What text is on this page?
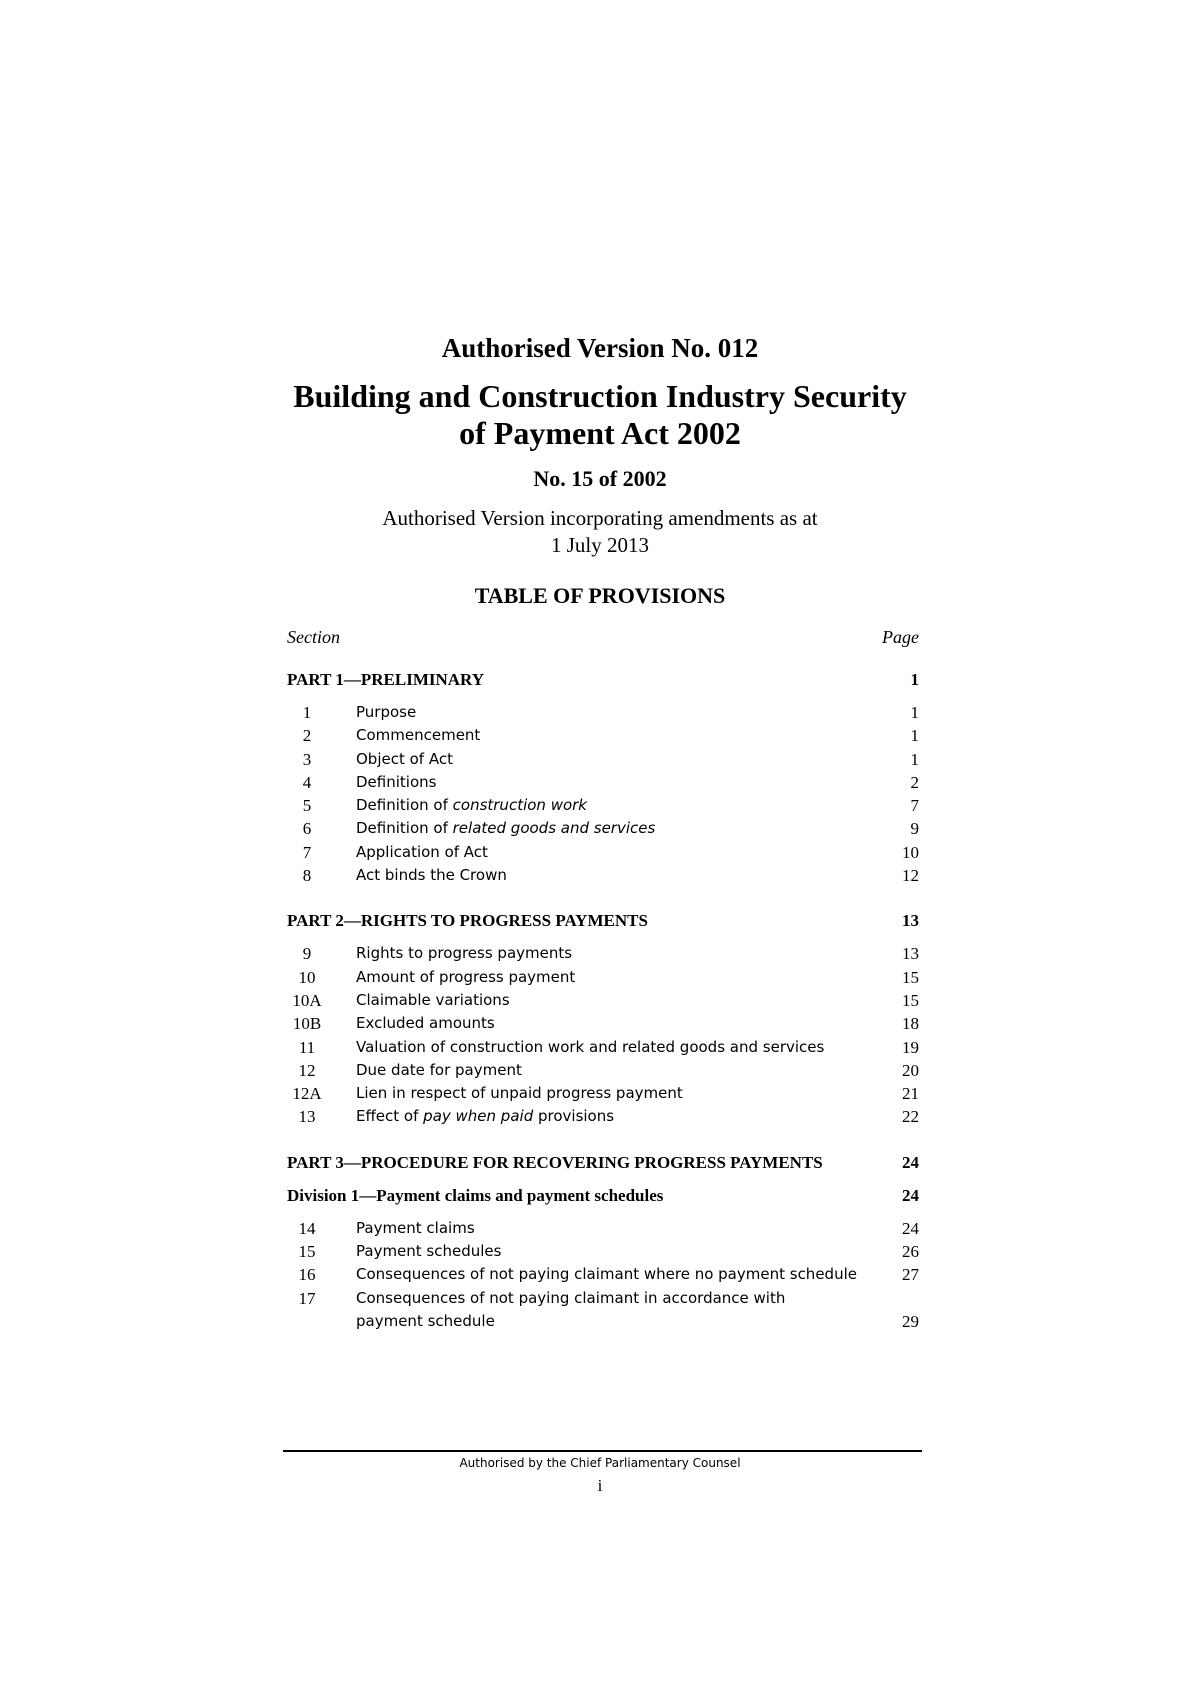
Authorised Version No. 012
Building and Construction Industry Security
of Payment Act 2002
No. 15 of 2002
Authorised Version incorporating amendments as at
1 July 2013
TABLE OF PROVISIONS
Section	Page
PART 1—PRELIMINARY	1
1	Purpose	1
2	Commencement	1
3	Object of Act	1
4	Definitions	2
5	Definition of construction work	7
6	Definition of related goods and services	9
7	Application of Act	10
8	Act binds the Crown	12
PART 2—RIGHTS TO PROGRESS PAYMENTS	13
9	Rights to progress payments	13
10	Amount of progress payment	15
10A	Claimable variations	15
10B	Excluded amounts	18
11	Valuation of construction work and related goods and services	19
12	Due date for payment	20
12A	Lien in respect of unpaid progress payment	21
13	Effect of pay when paid provisions	22
PART 3—PROCEDURE FOR RECOVERING PROGRESS PAYMENTS	24
Division 1—Payment claims and payment schedules	24
14	Payment claims	24
15	Payment schedules	26
16	Consequences of not paying claimant where no payment schedule	27
17	Consequences of not paying claimant in accordance with payment schedule	29
Authorised by the Chief Parliamentary Counsel
i
